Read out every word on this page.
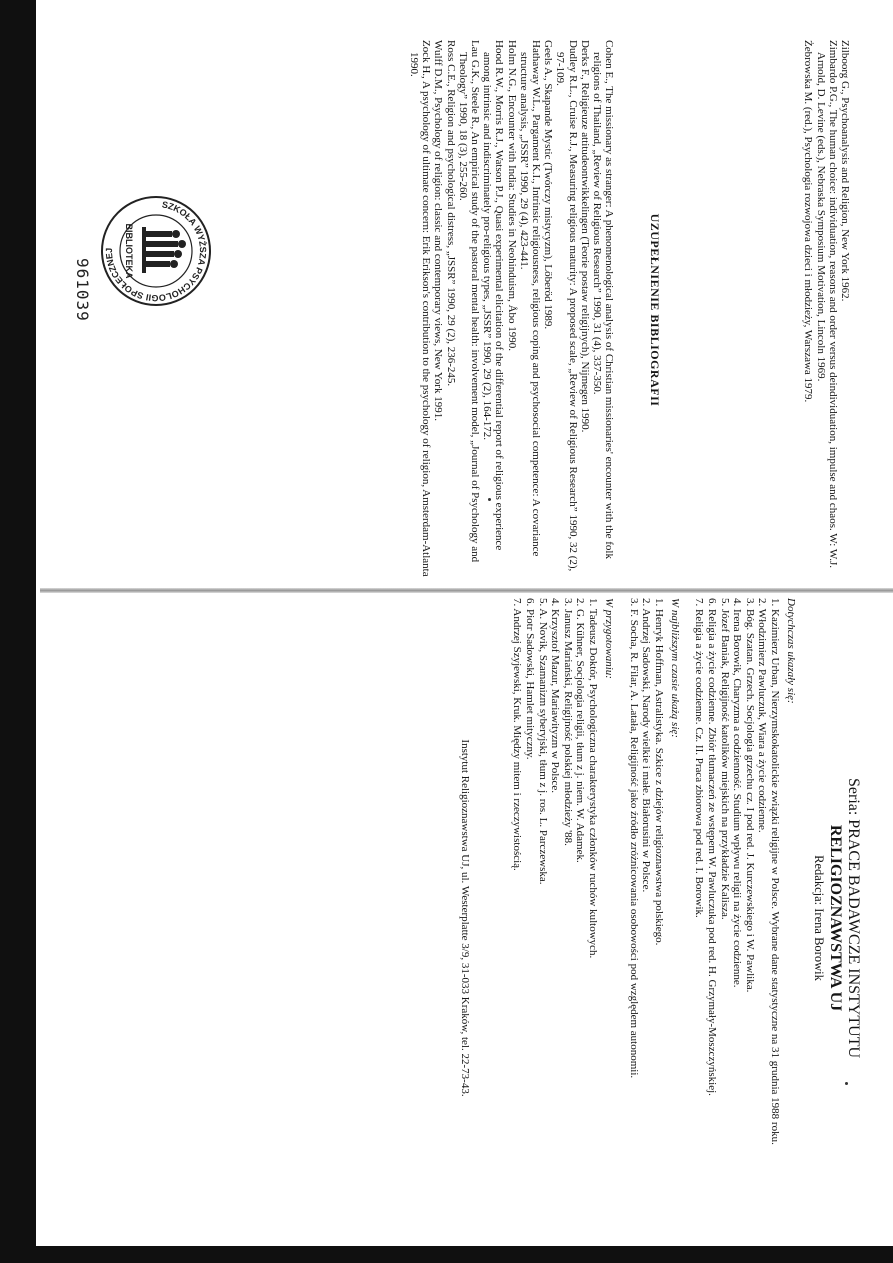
Zilboorg G., Psychoanalysis and Religion, New York 1962.

Zimbardo P.G., The human choice: individuation, reasons and order versus deindividuation, impulse and chaos. W: W.J. Arnold, D. Levine (eds.), Nebraska Symposium Motivation, Lincoln 1969.

Żebrowska M. (red.), Psychologia rozwojowa dzieci i młodzieży, Warszawa 1979.

UZUPEŁNIENIE BIBLIOGRAFII

Cohen E., The missionary as stranger: A phenomenological analysis of Christian missionaries' encounter with the folk religions of Thailand, „Review of Religious Research” 1990, 31 (4), 337-350.

Derks F., Religieuze attitudeontwikkelingen (Teorie postaw religijnych), Nijmegen 1990.

Dudley R.L., Cruise R.J., Measuring religious maturity: A proposed scale, „Review of Religious Research” 1990, 32 (2), 97-109.

Geels A., Skapande Mystic (Twórczy mistycyzm), Löberöd 1989.

Hathaway W.L., Pargament K.I., Intrinsic religiousness, religious coping and psychosocial competence: A covariance structure analysis, „JSSR” 1990, 29 (4), 423-441.

Holm N.G., Encounter with India: Studies in Neohinduism, Åbo 1990.

Hood R.W., Morris R.J., Watson P.J., Quasi experimental elicitation of the differential report of religious experience among intrinsic and indiscriminately pro-religious types, „JSSR” 1990, 29 (2), 164-172.

Lau G.K., Steele R., An empirical study of the pastoral mental health: involvement model, „Journal of Psychology and Theology” 1990, 18 (3), 255-260.

Ross C.E., Religion and psychological distress, „JSSR” 1990, 29 (2), 236-245.

Wulff D.M., Psychology of religion: classic and contemporary views, New York 1991.

Zock H., A psychology of ultimate concern: Erik Erikson's contribution to the psychology of religion, Amsterdam-Atlanta 1990.

SZKOŁA WYŻSZA PSYCHOLOGII SPOŁECZNEJ	BIBLIOTEKA
961039

Seria: PRACE BADAWCZE INSTYTUTU

RELIGIOZNAWSTWA UJ

Redakcja: Irena Borowik

Dotychczas ukazały się:

1. Kazimierz Urban, Nierzymskokatolickie związki religijne w Polsce. Wybrane dane statystyczne na 31 grudnia 1988 roku.

2. Włodzimierz Pawluczuk, Wiara a życie codzienne.

3. Bóg. Szatan. Grzech. Socjologia grzechu cz. I pod red. J. Kurczewskiego i W. Pawlika.

4. Irena Borowik, Charyzma a codzienność. Studium wpływu religii na życie codzienne.

5. Józef Baniak, Religijność katolików miejskich na przykładzie Kalisza.

6. Religia a życie codzienne. Zbiór tłumaczeń ze wstępem W. Pawluczuka pod red. H. Grzymały-Moszczyńskiej.

7. Religia a życie codzienne. Cz. II. Praca zbiorowa pod red. I. Borowik.

W najbliższym czasie ukażą się:

1. Henryk Hoffman, Astralistyka. Szkice z dziejów religioznawstwa polskiego.

2. Andrzej Sadowski, Narody wielkie i małe. Białorusini w Polsce.

3. F. Socha, R. Filar, A. Latała, Religijność jako źródło zróżnicowania osobowości pod względem autonomii.

W przygotowaniu:

1. Tadeusz Doktór, Psychologiczna charakterystyka członków ruchów kultowych.

2. G. Kühner, Socjologia religii, tłum z j. niem. W. Adamek.

3. Janusz Mariański, Religijność polskiej młodzieży '88.

4. Krzysztof Mazur, Mariawityzm w Polsce.

5. A. Novik, Szamanizm syberyjski, tłum z j. ros. L. Parczewska.

6. Piotr Sadowski, Hamlet mityczny.

7. Andrzej Szyjewski, Kruk. Między mitem i rzeczywistością.

Instytut Religioznawstwa UJ, ul. Westerplatte 3/9, 31-033 Kraków, tel. 22-73-43.
